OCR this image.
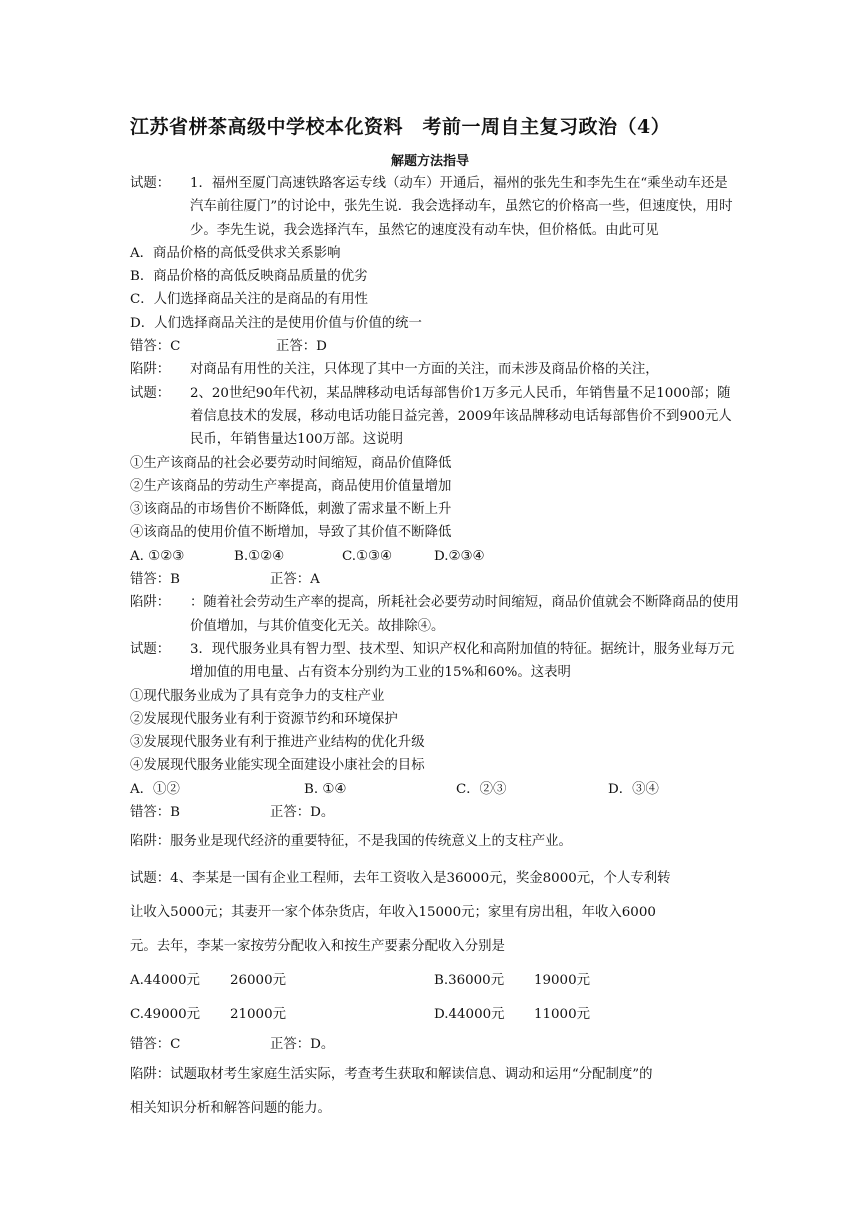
江苏省栟茶高级中学校本化资料　考前一周自主复习政治（4）
解题方法指导

试题： 1．福州至厦门高速铁路客运专线（动车）开通后，福州的张先生和李先生在“乘坐动车还是汽车前往厦门”的讨论中，张先生说．我会选择动车，虽然它的价格高一些，但速度快，用时少。李先生说，我会选择汽车，虽然它的速度没有动车快，但价格低。由此可见

A．商品价格的高低受供求关系影响

B．商品价格的高低反映商品质量的优劣

C．人们选择商品关注的是商品的有用性

D．人们选择商品关注的是使用价值与价值的统一

错答：C	正答：D

陷阱： 对商品有用性的关注，只体现了其中一方面的关注，而未涉及商品价格的关注，

试题： 2、20世纪90年代初，某品牌移动电话每部售价1万多元人民币，年销售量不足1000部；随着信息技术的发展，移动电话功能日益完善，2009年该品牌移动电话每部售价不到900元人民币，年销售量达100万部。这说明

①生产该商品的社会必要劳动时间缩短，商品价值降低

②生产该商品的劳动生产率提高，商品使用价值量增加

③该商品的市场售价不断降低，刺激了需求量不断上升

④该商品的使用价值不断增加，导致了其价值不断降低

A. ①②③	B.①②④	C.①③④	D.②③④
错答：B	正答：A

陷阱： ：随着社会劳动生产率的提高，所耗社会必要劳动时间缩短，商品价值就会不断降商品的使用价值增加，与其价值变化无关。故排除④。

试题： 3．现代服务业具有智力型、技术型、知识产权化和高附加值的特征。据统计，服务业每万元增加值的用电量、占有资本分别约为工业的15%和60%。这表明

①现代服务业成为了具有竞争力的支柱产业

②发展现代服务业有利于资源节约和环境保护

③发展现代服务业有利于推进产业结构的优化升级

④发展现代服务业能实现全面建设小康社会的目标

A．①②	B. ①④	C．②③	D．③④
错答：B	正答：D。

陷阱：服务业是现代经济的重要特征，不是我国的传统意义上的支柱产业。

试题：4、李某是一国有企业工程师，去年工资收入是36000元，奖金8000元，个人专利转

让收入5000元；其妻开一家个体杂货店，年收入15000元；家里有房出租，年收入6000

元。去年，李某一家按劳分配收入和按生产要素分配收入分别是

A.44000元	26000元	B.36000元	19000元
C.49000元	21000元	D.44000元	11000元
错答：C	正答：D。

陷阱：试题取材考生家庭生活实际，考查考生获取和解读信息、调动和运用“分配制度”的

相关知识分析和解答问题的能力。
